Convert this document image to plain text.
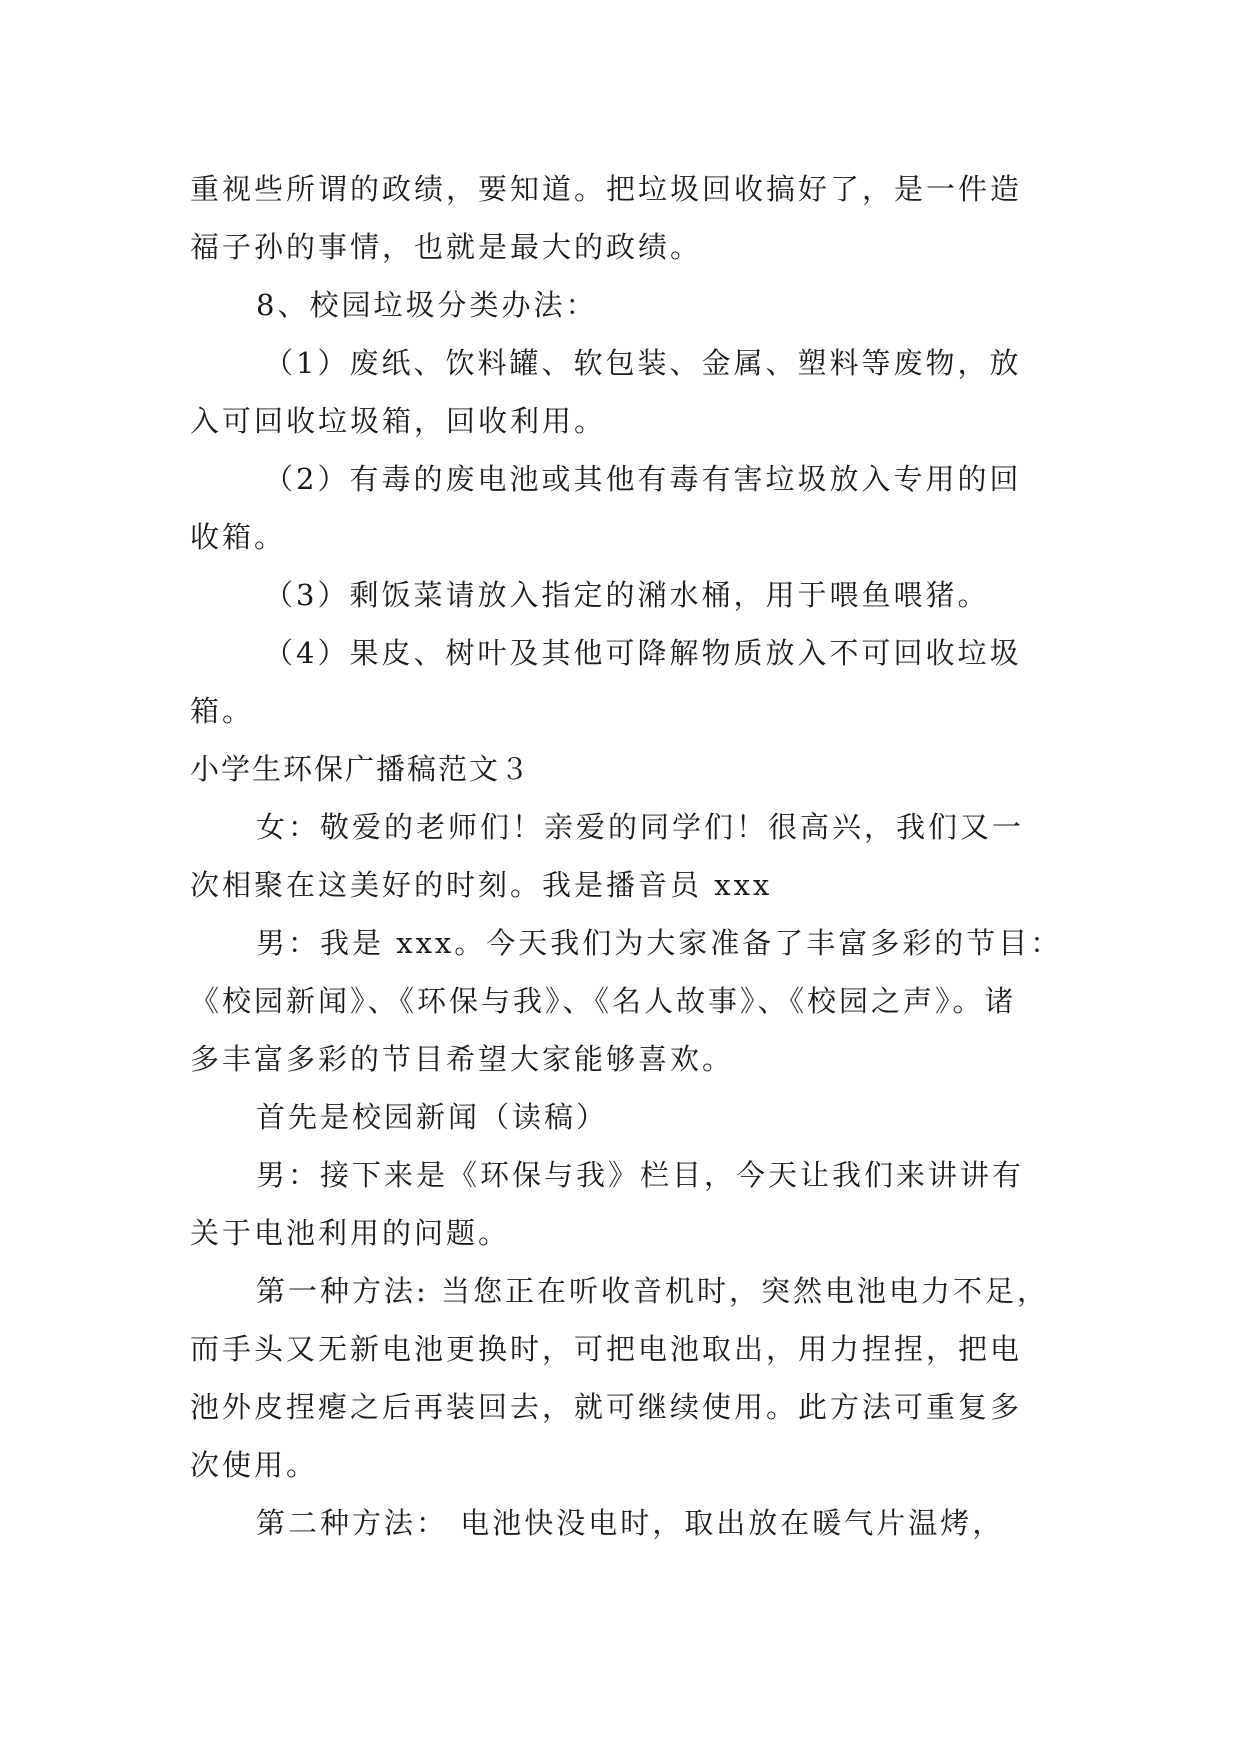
重视些所谓的政绩，要知道。把垃圾回收搞好了，是一件造
福子孙的事情，也就是最大的政绩。
8、校园垃圾分类办法：
（1）废纸、饮料罐、软包装、金属、塑料等废物，放
入可回收垃圾箱，回收利用。
（2）有毒的废电池或其他有毒有害垃圾放入专用的回
收箱。
（3）剩饭菜请放入指定的潲水桶，用于喂鱼喂猪。
（4）果皮、树叶及其他可降解物质放入不可回收垃圾
箱。
小学生环保广播稿范文３
女：敬爱的老师们！亲爱的同学们！很高兴，我们又一
次相聚在这美好的时刻。我是播音员 xxx
男：我是 xxx。今天我们为大家准备了丰富多彩的节目：
《校园新闻》、《环保与我》、《名人故事》、《校园之声》。诸
多丰富多彩的节目希望大家能够喜欢。
首先是校园新闻（读稿）
男：接下来是《环保与我》栏目，今天让我们来讲讲有
关于电池利用的问题。
第一种方法: 当您正在听收音机时，突然电池电力不足，
而手头又无新电池更换时，可把电池取出，用力捏捏，把电
池外皮捏瘪之后再装回去，就可继续使用。此方法可重复多
次使用。
第二种方法： 电池快没电时，取出放在暖气片温烤，
